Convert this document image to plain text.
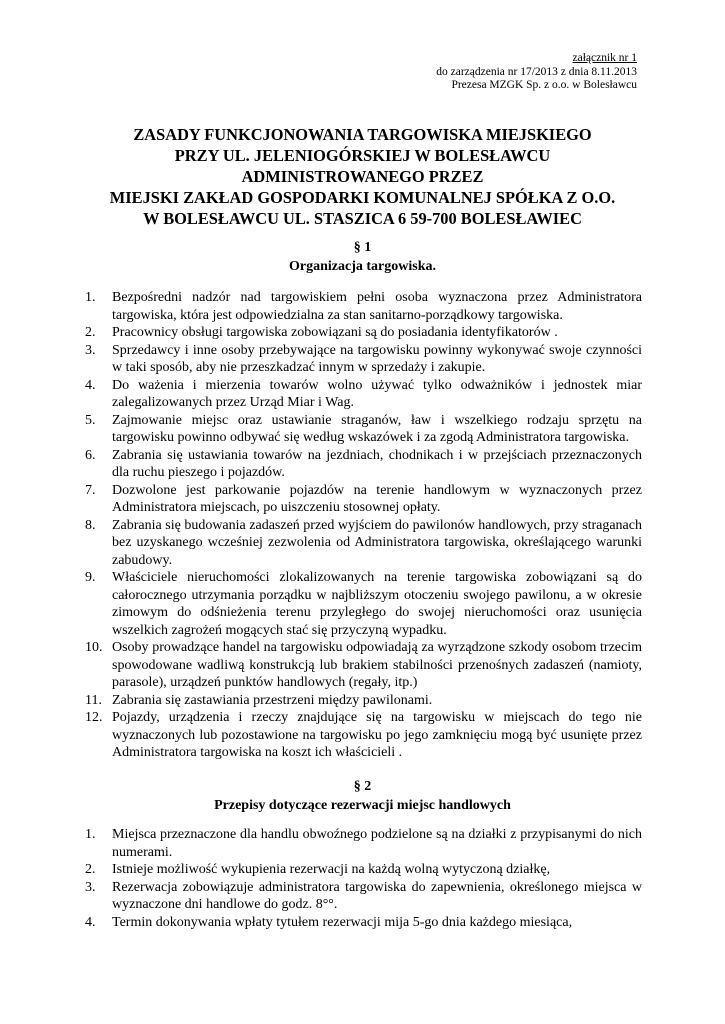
załącznik nr 1
do zarządzenia nr 17/2013 z dnia 8.11.2013
Prezesa MZGK Sp. z o.o. w Bolesławcu
ZASADY FUNKCJONOWANIA TARGOWISKA MIEJSKIEGO
PRZY UL. JELENIOGÓRSKIEJ W BOLESŁAWCU
ADMINISTROWANEGO PRZEZ
MIEJSKI ZAKŁAD GOSPODARKI KOMUNALNEJ SPÓŁKA Z O.O.
W BOLESŁAWCU UL. STASZICA 6 59-700 BOLESŁAWIEC
§ 1
Organizacja targowiska.
1.	Bezpośredni nadzór nad targowiskiem pełni osoba wyznaczona przez Administratora targowiska, która jest odpowiedzialna za stan sanitarno-porządkowy targowiska.
2.	Pracownicy obsługi targowiska zobowiązani są do posiadania identyfikatorów .
3.	Sprzedawcy i inne osoby przebywające na targowisku powinny wykonywać swoje czynności w taki sposób, aby nie przeszkadzać innym w sprzedaży i zakupie.
4.	Do ważenia i mierzenia towarów wolno używać tylko odważników i jednostek miar zalegalizowanych przez Urząd Miar i Wag.
5.	Zajmowanie miejsc oraz ustawianie straganów, ław i wszelkiego rodzaju sprzętu na targowisku powinno odbywać się według wskazówek i za zgodą Administratora targowiska.
6.	Zabrania się ustawiania towarów na jezdniach, chodnikach i w przejściach przeznaczonych dla ruchu pieszego i pojazdów.
7.	Dozwolone jest parkowanie pojazdów na terenie handlowym w wyznaczonych przez Administratora miejscach, po uiszczeniu stosownej opłaty.
8.	Zabrania się budowania zadaszeń przed wyjściem do pawilonów handlowych, przy straganach bez uzyskanego wcześniej zezwolenia od Administratora targowiska, określającego warunki zabudowy.
9.	Właściciele nieruchomości zlokalizowanych na terenie targowiska zobowiązani są do całorocznego utrzymania porządku w najbliższym otoczeniu swojego pawilonu, a w okresie zimowym do odśnieżenia terenu przyległego do swojej nieruchomości oraz usunięcia wszelkich zagrożeń mogących stać się przyczyną wypadku.
10. Osoby prowadzące handel na targowisku odpowiadają za wyrządzone szkody osobom trzecim spowodowane wadliwą konstrukcją lub brakiem stabilności przenośnych zadaszeń (namioty, parasole), urządzeń punktów handlowych (regały, itp.)
11. Zabrania się zastawiania przestrzeni między pawilonami.
12. Pojazdy, urządzenia i rzeczy znajdujące się na targowisku w miejscach do tego nie wyznaczonych lub pozostawione na targowisku po jego zamknięciu mogą być usunięte przez Administratora targowiska na koszt ich właścicieli .
§ 2
Przepisy dotyczące rezerwacji miejsc handlowych
1.	Miejsca przeznaczone dla handlu obwoźnego podzielone są na działki z przypisanymi do nich numerami.
2.	Istnieje możliwość wykupienia rezerwacji na każdą wolną wytyczoną działkę,
3.	Rezerwacja zobowiązuje administratora targowiska do zapewnienia, określonego miejsca w wyznaczone dni handlowe do godz. 8°°.
4.	Termin dokonywania wpłaty tytułem rezerwacji mija 5-go dnia każdego miesiąca,
